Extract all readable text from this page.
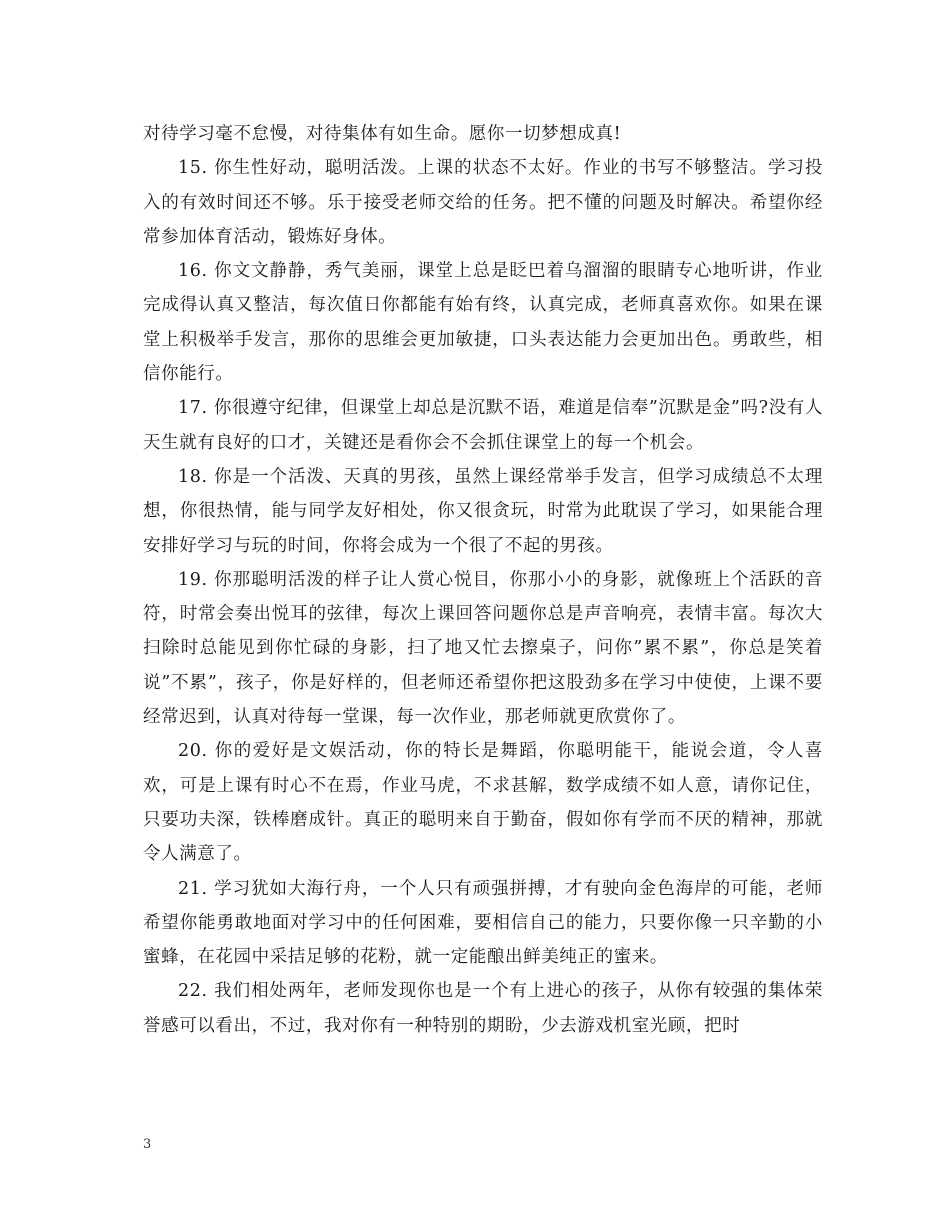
对待学习毫不怠慢，对待集体有如生命。愿你一切梦想成真!

15. 你生性好动，聪明活泼。上课的状态不太好。作业的书写不够整洁。学习投入的有效时间还不够。乐于接受老师交给的任务。把不懂的问题及时解决。希望你经常参加体育活动，锻炼好身体。

16. 你文文静静，秀气美丽，课堂上总是眨巴着乌溜溜的眼睛专心地听讲，作业完成得认真又整洁，每次值日你都能有始有终，认真完成，老师真喜欢你。如果在课堂上积极举手发言，那你的思维会更加敏捷，口头表达能力会更加出色。勇敢些，相信你能行。

17. 你很遵守纪律，但课堂上却总是沉默不语，难道是信奉”沉默是金”吗?没有人天生就有良好的口才，关键还是看你会不会抓住课堂上的每一个机会。

18. 你是一个活泼、天真的男孩，虽然上课经常举手发言，但学习成绩总不太理想，你很热情，能与同学友好相处，你又很贪玩，时常为此耽误了学习，如果能合理安排好学习与玩的时间，你将会成为一个很了不起的男孩。

19. 你那聪明活泼的样子让人赏心悦目，你那小小的身影，就像班上个活跃的音符，时常会奏出悦耳的弦律，每次上课回答问题你总是声音响亮，表情丰富。每次大扫除时总能见到你忙碌的身影，扫了地又忙去擦桌子，问你”累不累”，你总是笑着说”不累”，孩子，你是好样的，但老师还希望你把这股劲多在学习中使使，上课不要经常迟到，认真对待每一堂课，每一次作业，那老师就更欣赏你了。

20. 你的爱好是文娱活动，你的特长是舞蹈，你聪明能干，能说会道，令人喜欢，可是上课有时心不在焉，作业马虎，不求甚解，数学成绩不如人意，请你记住，只要功夫深，铁棒磨成针。真正的聪明来自于勤奋，假如你有学而不厌的精神，那就令人满意了。

21. 学习犹如大海行舟，一个人只有顽强拼搏，才有驶向金色海岸的可能，老师希望你能勇敢地面对学习中的任何困难，要相信自己的能力，只要你像一只辛勤的小蜜蜂，在花园中采拮足够的花粉，就一定能酿出鲜美纯正的蜜来。

22. 我们相处两年，老师发现你也是一个有上进心的孩子，从你有较强的集体荣誉感可以看出，不过，我对你有一种特别的期盼，少去游戏机室光顾，把时

3
